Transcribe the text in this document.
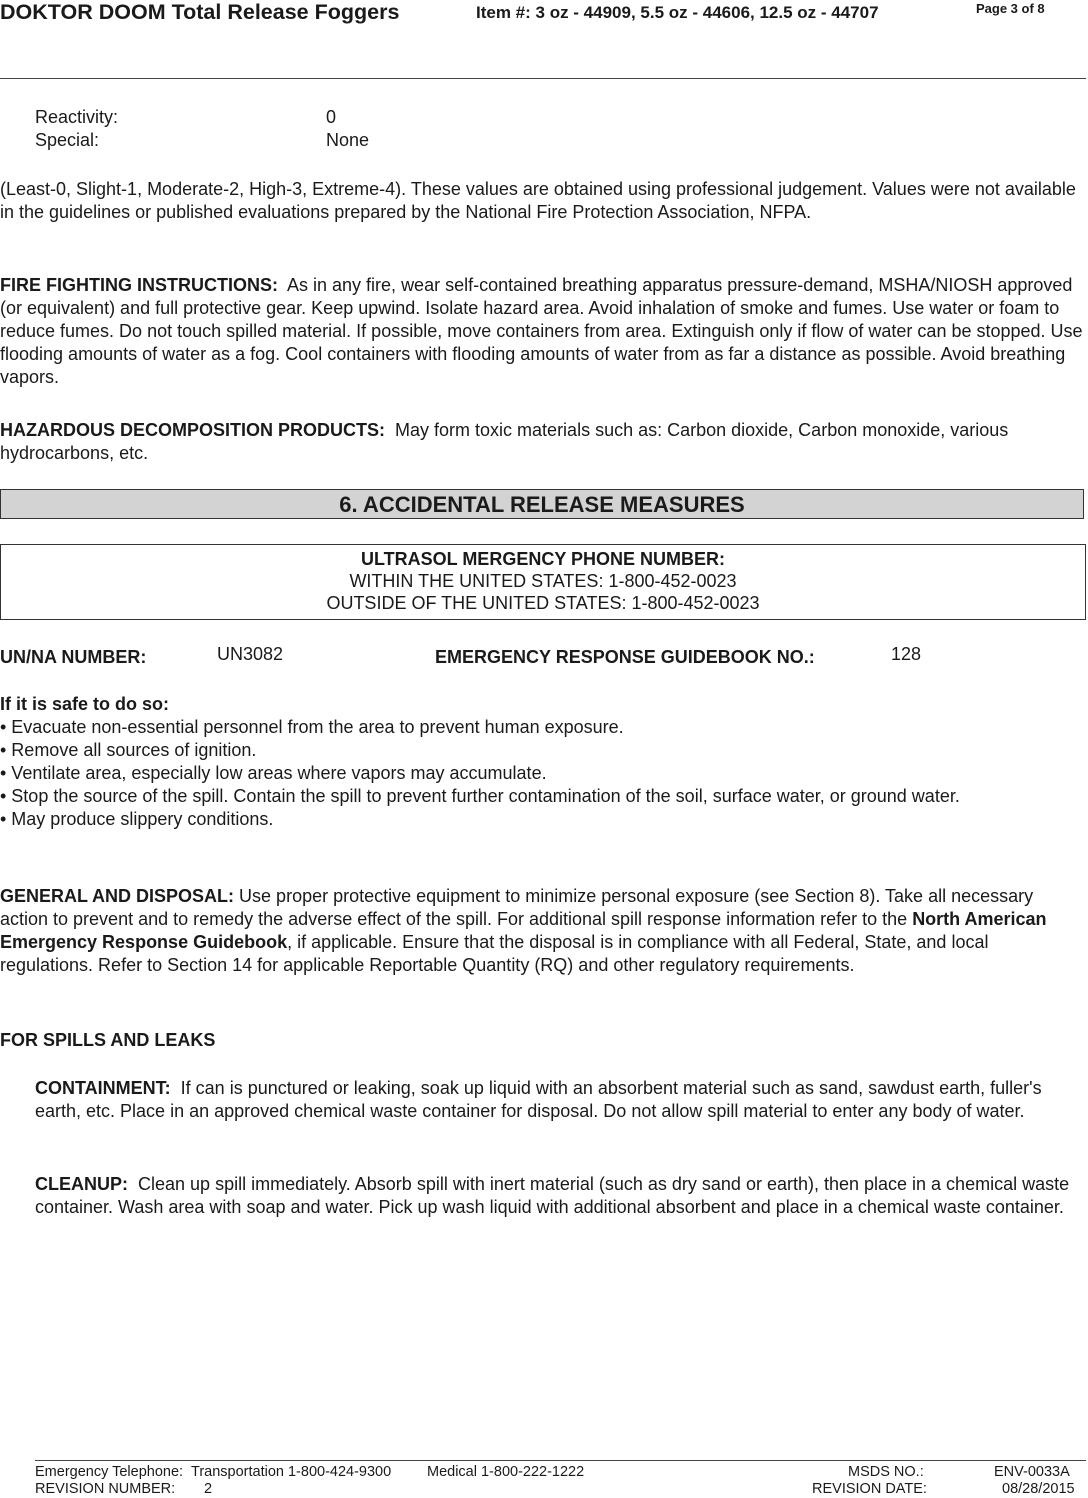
DOKTOR DOOM Total Release Foggers	Item #: 3 oz - 44909, 5.5 oz - 44606, 12.5 oz - 44707	Page 3 of 8
Reactivity:	0
Special:	None
(Least-0, Slight-1, Moderate-2, High-3, Extreme-4). These values are obtained using professional judgement. Values were not available in the guidelines or published evaluations prepared by the National Fire Protection Association, NFPA.
FIRE FIGHTING INSTRUCTIONS: As in any fire, wear self-contained breathing apparatus pressure-demand, MSHA/NIOSH approved (or equivalent) and full protective gear. Keep upwind. Isolate hazard area. Avoid inhalation of smoke and fumes. Use water or foam to reduce fumes. Do not touch spilled material. If possible, move containers from area. Extinguish only if flow of water can be stopped. Use flooding amounts of water as a fog. Cool containers with flooding amounts of water from as far a distance as possible. Avoid breathing vapors.
HAZARDOUS DECOMPOSITION PRODUCTS: May form toxic materials such as: Carbon dioxide, Carbon monoxide, various hydrocarbons, etc.
6. ACCIDENTAL RELEASE MEASURES
ULTRASOL MERGENCY PHONE NUMBER:
WITHIN THE UNITED STATES: 1-800-452-0023
OUTSIDE OF THE UNITED STATES: 1-800-452-0023
UN/NA NUMBER:	UN3082	EMERGENCY RESPONSE GUIDEBOOK NO.:	128
If it is safe to do so:
• Evacuate non-essential personnel from the area to prevent human exposure.
• Remove all sources of ignition.
• Ventilate area, especially low areas where vapors may accumulate.
• Stop the source of the spill. Contain the spill to prevent further contamination of the soil, surface water, or ground water.
• May produce slippery conditions.
GENERAL AND DISPOSAL: Use proper protective equipment to minimize personal exposure (see Section 8). Take all necessary action to prevent and to remedy the adverse effect of the spill. For additional spill response information refer to the North American Emergency Response Guidebook, if applicable. Ensure that the disposal is in compliance with all Federal, State, and local regulations. Refer to Section 14 for applicable Reportable Quantity (RQ) and other regulatory requirements.
FOR SPILLS AND LEAKS
CONTAINMENT: If can is punctured or leaking, soak up liquid with an absorbent material such as sand, sawdust earth, fuller's earth, etc. Place in an approved chemical waste container for disposal. Do not allow spill material to enter any body of water.
CLEANUP: Clean up spill immediately. Absorb spill with inert material (such as dry sand or earth), then place in a chemical waste container. Wash area with soap and water. Pick up wash liquid with additional absorbent and place in a chemical waste container.
Emergency Telephone: Transportation 1-800-424-9300 Medical 1-800-222-1222	MSDS NO.:	ENV-0033A
REVISION NUMBER: 2	REVISION DATE:	08/28/2015
